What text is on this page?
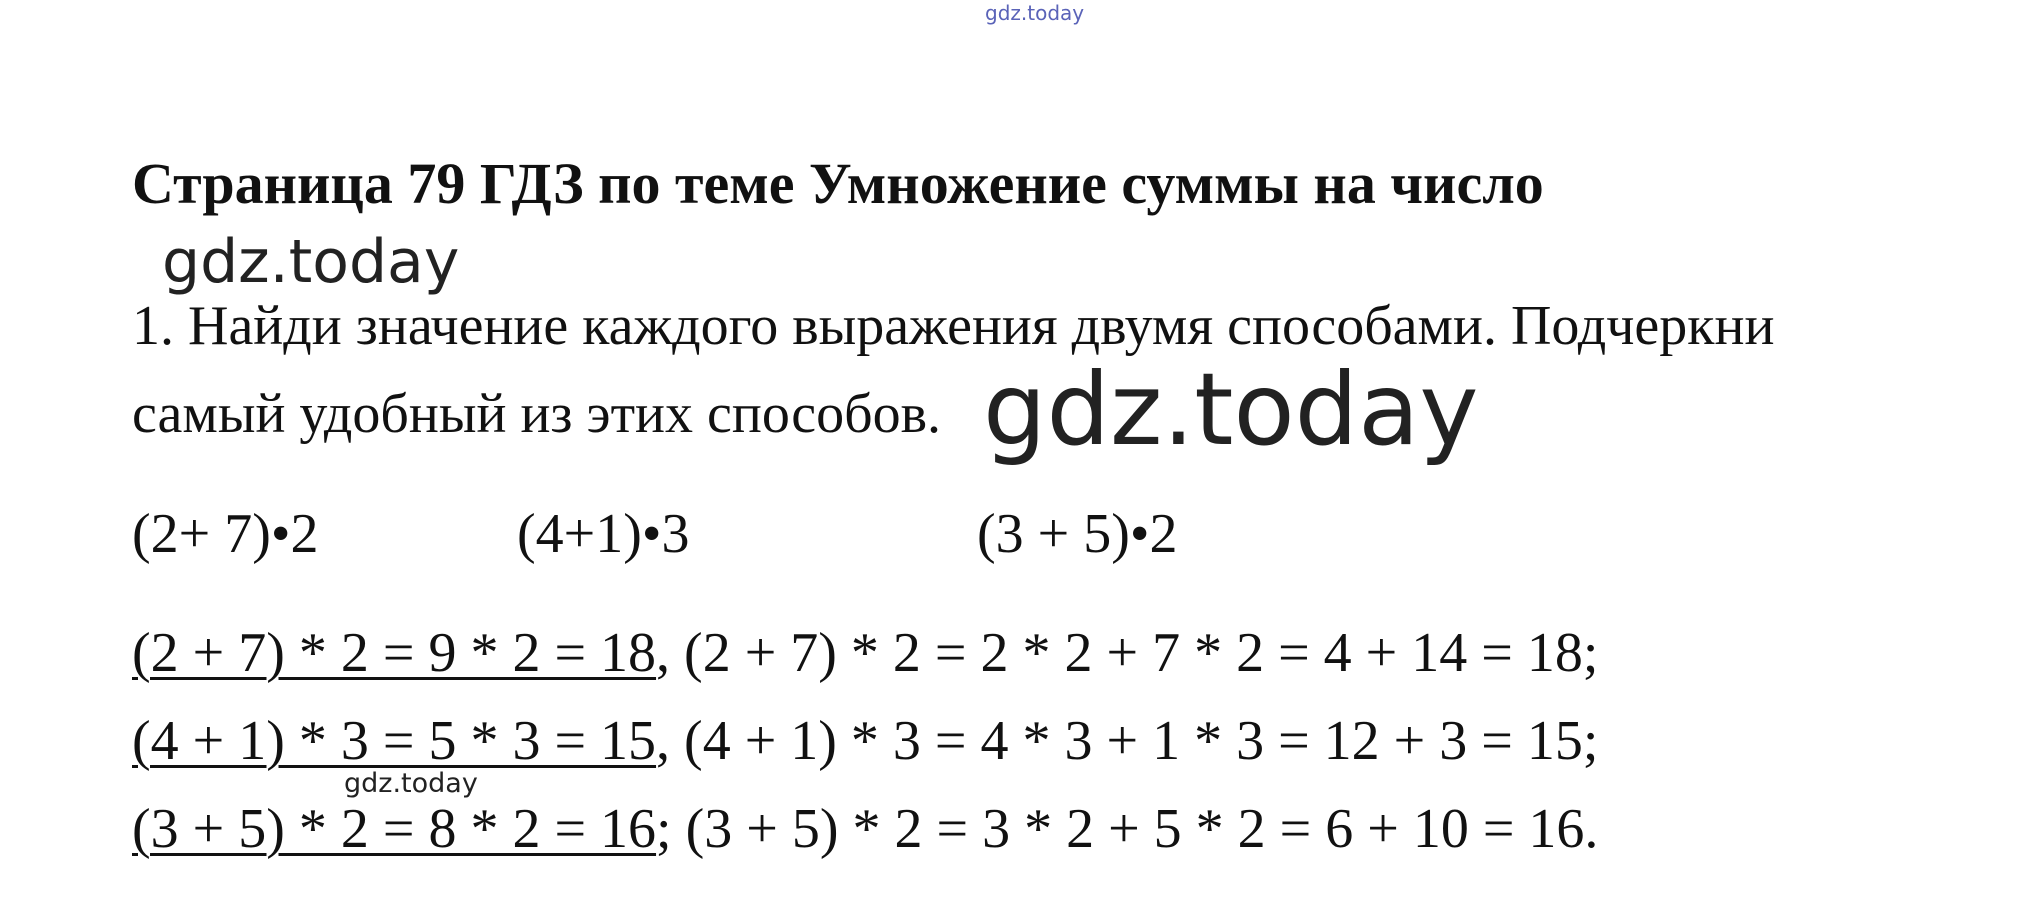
gdz.today
Страница 79 ГДЗ по теме Умножение суммы на число
gdz.today
1. Найди значение каждого выражения двумя способами. Подчеркни
самый удобный из этих способов. gdz.today
(2+ 7)•2	(4+1)•3	(3 + 5)•2
(2 + 7) * 2 = 9 * 2 = 18, (2 + 7) * 2 = 2 * 2 + 7 * 2 = 4 + 14 = 18;
(4 + 1) * 3 = 5 * 3 = 15, (4 + 1) * 3 = 4 * 3 + 1 * 3 = 12 + 3 = 15;
gdz.today
(3 + 5) * 2 = 8 * 2 = 16; (3 + 5) * 2 = 3 * 2 + 5 * 2 = 6 + 10 = 16.
